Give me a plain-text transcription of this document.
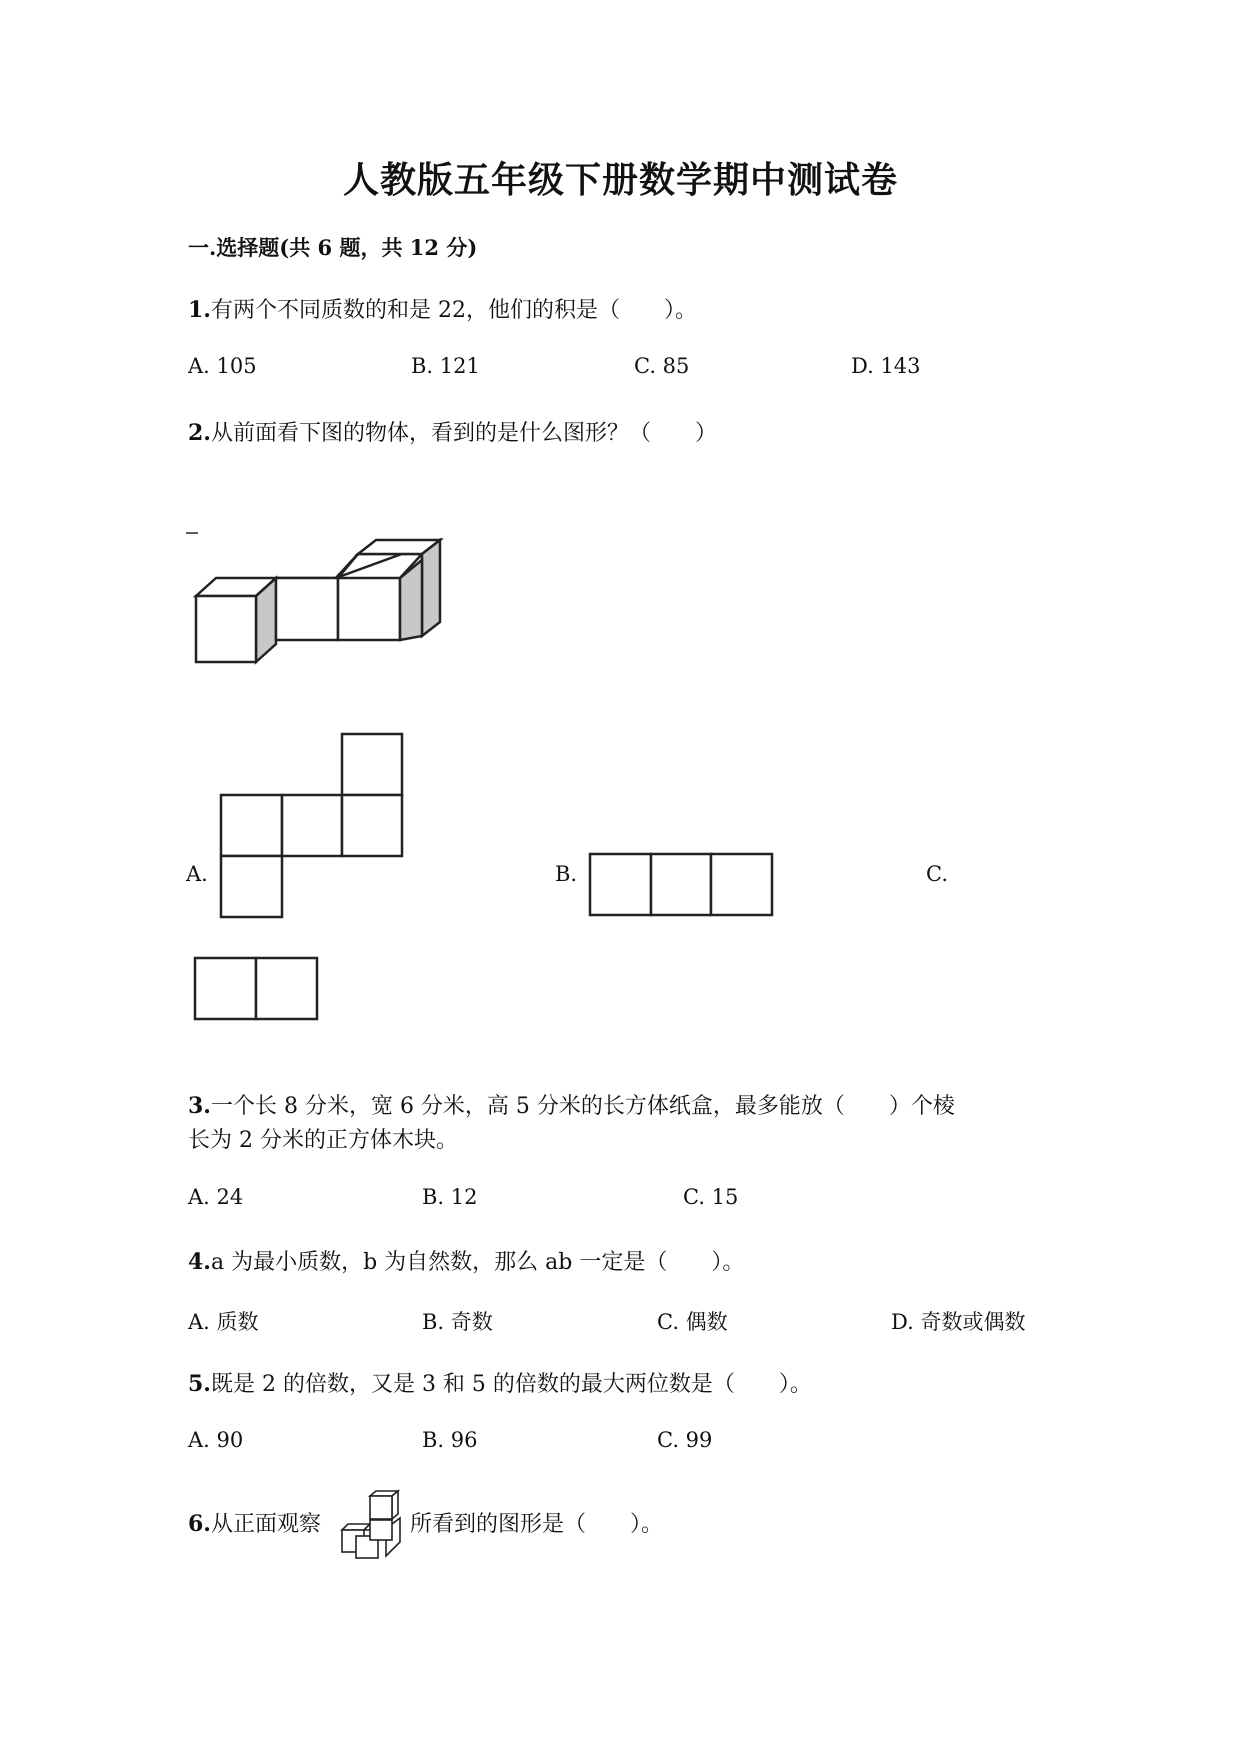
人教版五年级下册数学期中测试卷
一.选择题(共 6 题，共 12 分)
1.有两个不同质数的和是 22，他们的积是（　　）。
A. 105	B. 121	C. 85	D. 143
2.从前面看下图的物体，看到的是什么图形？（　　）
A.	B.	C.
3.一个长 8 分米，宽 6 分米，高 5 分米的长方体纸盒，最多能放（　　）个棱
长为 2 分米的正方体木块。
A. 24	B. 12	C. 15
4.a 为最小质数，b 为自然数，那么 ab 一定是（　　）。
A. 质数	B. 奇数	C. 偶数	D. 奇数或偶数
5.既是 2 的倍数，又是 3 和 5 的倍数的最大两位数是（　　）。
A. 90	B. 96	C. 99
6.从正面观察	所看到的图形是（　　）。
